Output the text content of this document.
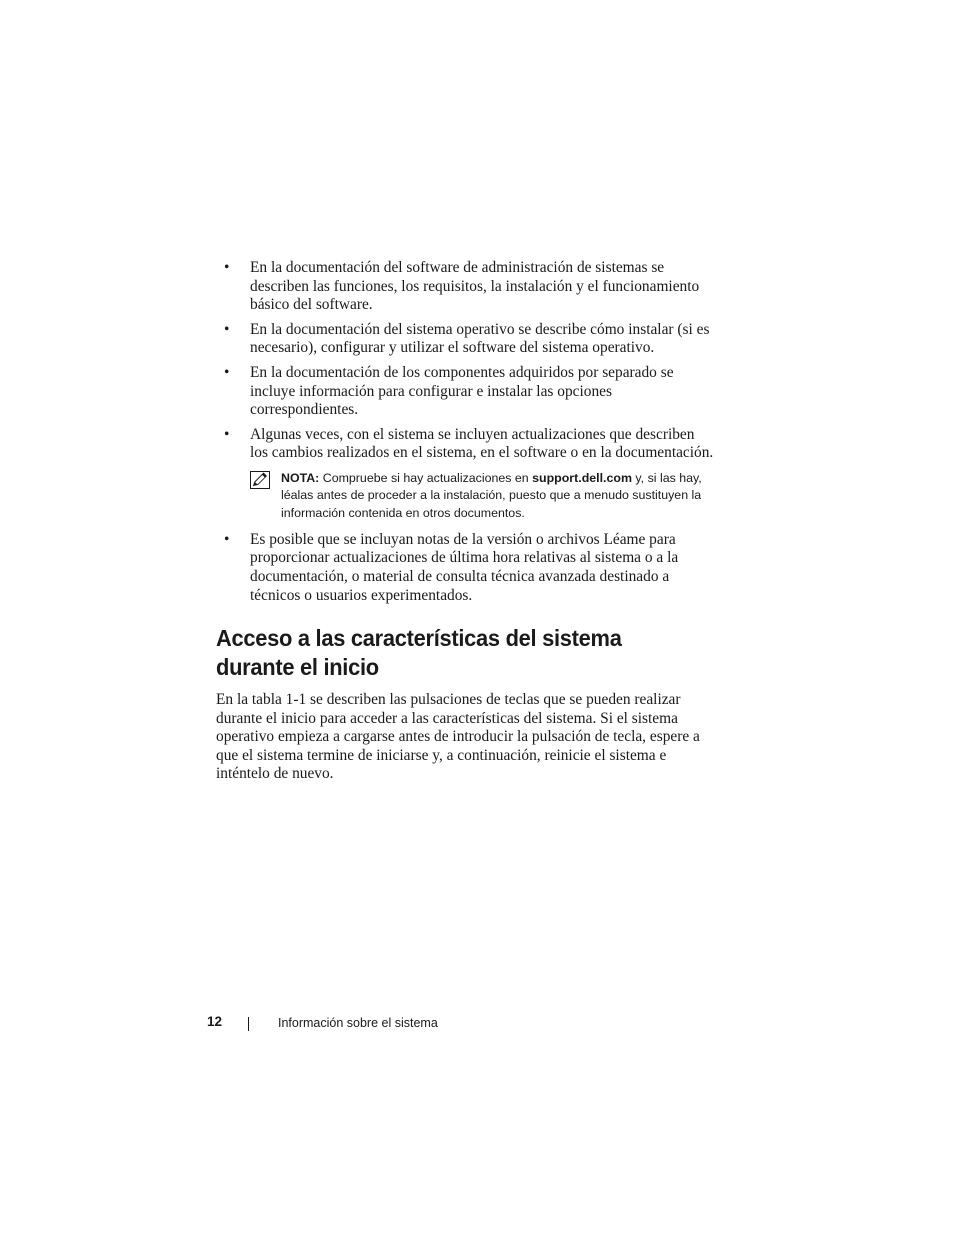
• En la documentación del software de administración de sistemas se describen las funciones, los requisitos, la instalación y el funcionamiento básico del software.
• En la documentación del sistema operativo se describe cómo instalar (si es necesario), configurar y utilizar el software del sistema operativo.
• En la documentación de los componentes adquiridos por separado se incluye información para configurar e instalar las opciones correspondientes.
• Algunas veces, con el sistema se incluyen actualizaciones que describen los cambios realizados en el sistema, en el software o en la documentación.
NOTA: Compruebe si hay actualizaciones en support.dell.com y, si las hay, léalas antes de proceder a la instalación, puesto que a menudo sustituyen la información contenida en otros documentos.
• Es posible que se incluyan notas de la versión o archivos Léame para proporcionar actualizaciones de última hora relativas al sistema o a la documentación, o material de consulta técnica avanzada destinado a técnicos o usuarios experimentados.
Acceso a las características del sistema durante el inicio

En la tabla 1-1 se describen las pulsaciones de teclas que se pueden realizar durante el inicio para acceder a las características del sistema. Si el sistema operativo empieza a cargarse antes de introducir la pulsación de tecla, espere a que el sistema termine de iniciarse y, a continuación, reinicie el sistema e inténtelo de nuevo.

12	Información sobre el sistema
